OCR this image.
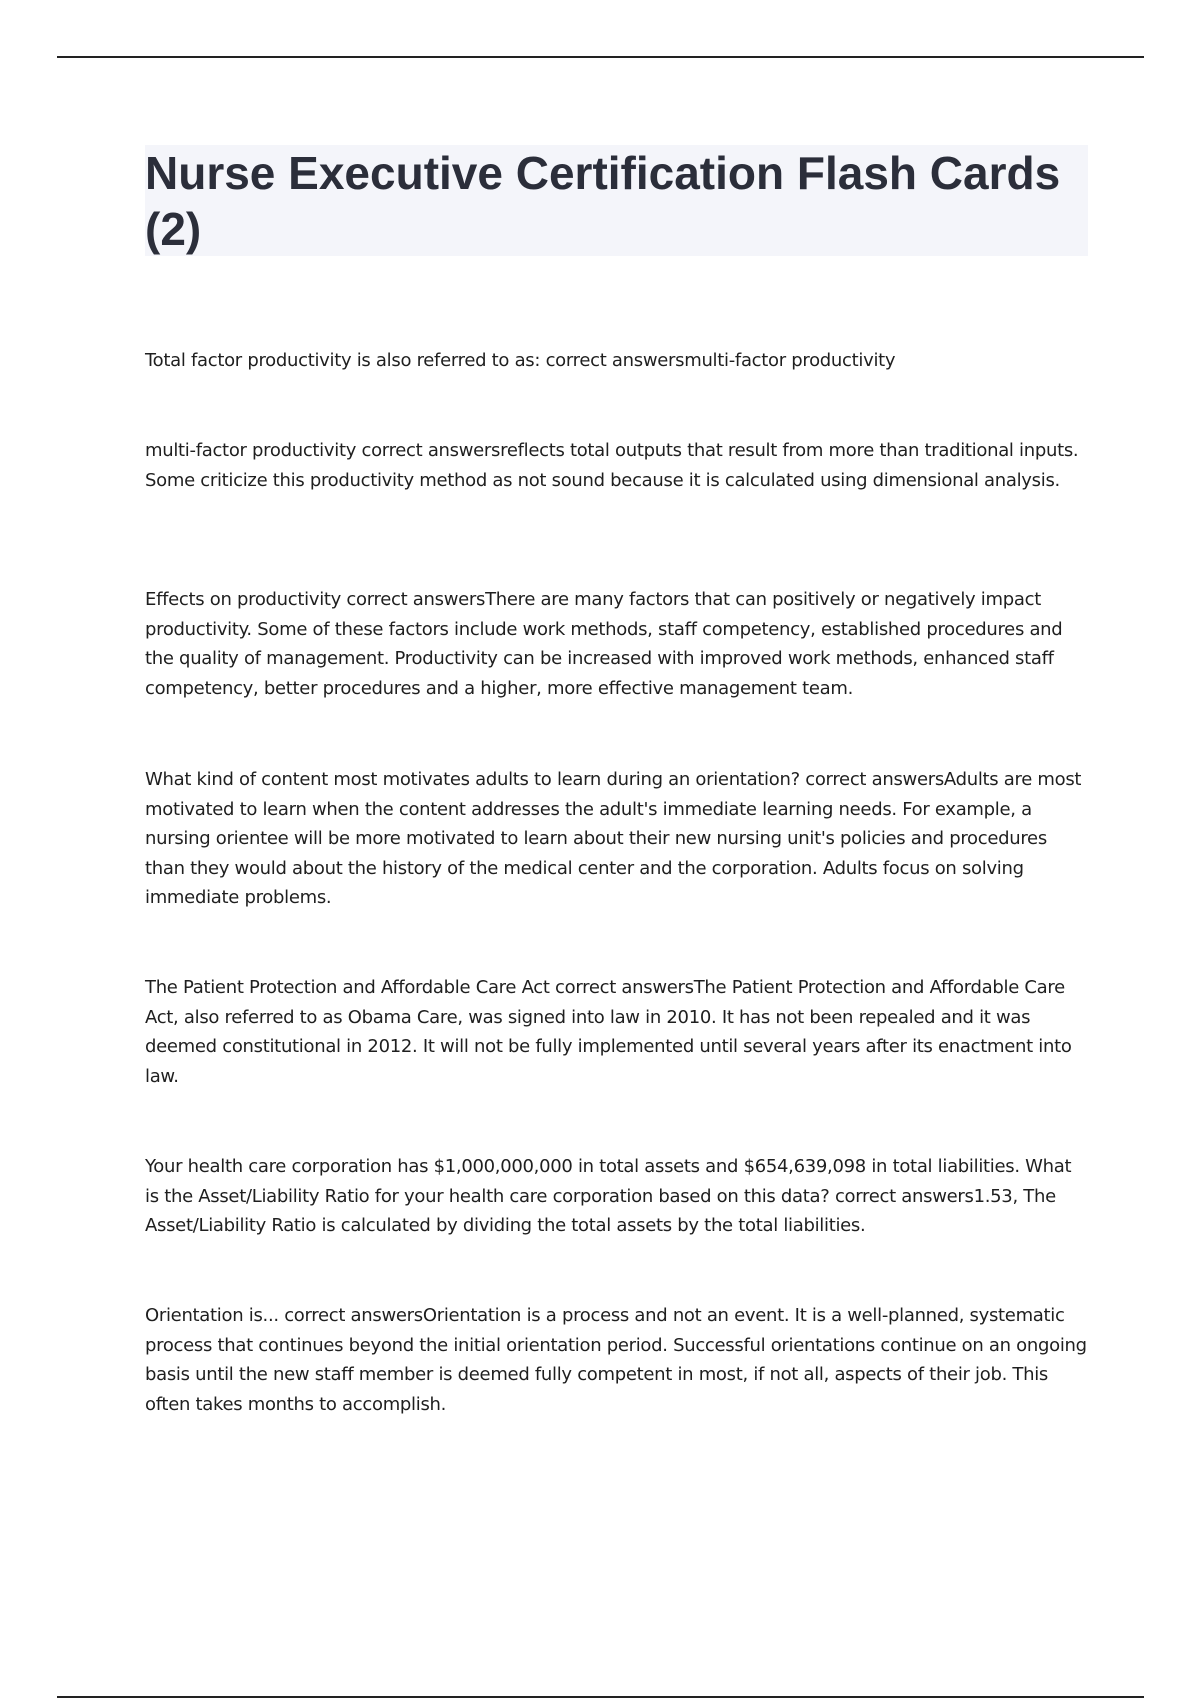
Nurse Executive Certification Flash Cards (2)

Total factor productivity is also referred to as: correct answersmulti-factor productivity

multi-factor productivity correct answersreflects total outputs that result from more than traditional inputs. Some criticize this productivity method as not sound because it is calculated using dimensional analysis.

Effects on productivity correct answersThere are many factors that can positively or negatively impact productivity. Some of these factors include work methods, staff competency, established procedures and the quality of management. Productivity can be increased with improved work methods, enhanced staff competency, better procedures and a higher, more effective management team.

What kind of content most motivates adults to learn during an orientation? correct answersAdults are most motivated to learn when the content addresses the adult's immediate learning needs. For example, a nursing orientee will be more motivated to learn about their new nursing unit's policies and procedures than they would about the history of the medical center and the corporation. Adults focus on solving immediate problems.

The Patient Protection and Affordable Care Act correct answersThe Patient Protection and Affordable Care Act, also referred to as Obama Care, was signed into law in 2010. It has not been repealed and it was deemed constitutional in 2012. It will not be fully implemented until several years after its enactment into law.

Your health care corporation has $1,000,000,000 in total assets and $654,639,098 in total liabilities. What is the Asset/Liability Ratio for your health care corporation based on this data? correct answers1.53, The Asset/Liability Ratio is calculated by dividing the total assets by the total liabilities.

Orientation is... correct answersOrientation is a process and not an event. It is a well-planned, systematic process that continues beyond the initial orientation period. Successful orientations continue on an ongoing basis until the new staff member is deemed fully competent in most, if not all, aspects of their job. This often takes months to accomplish.
